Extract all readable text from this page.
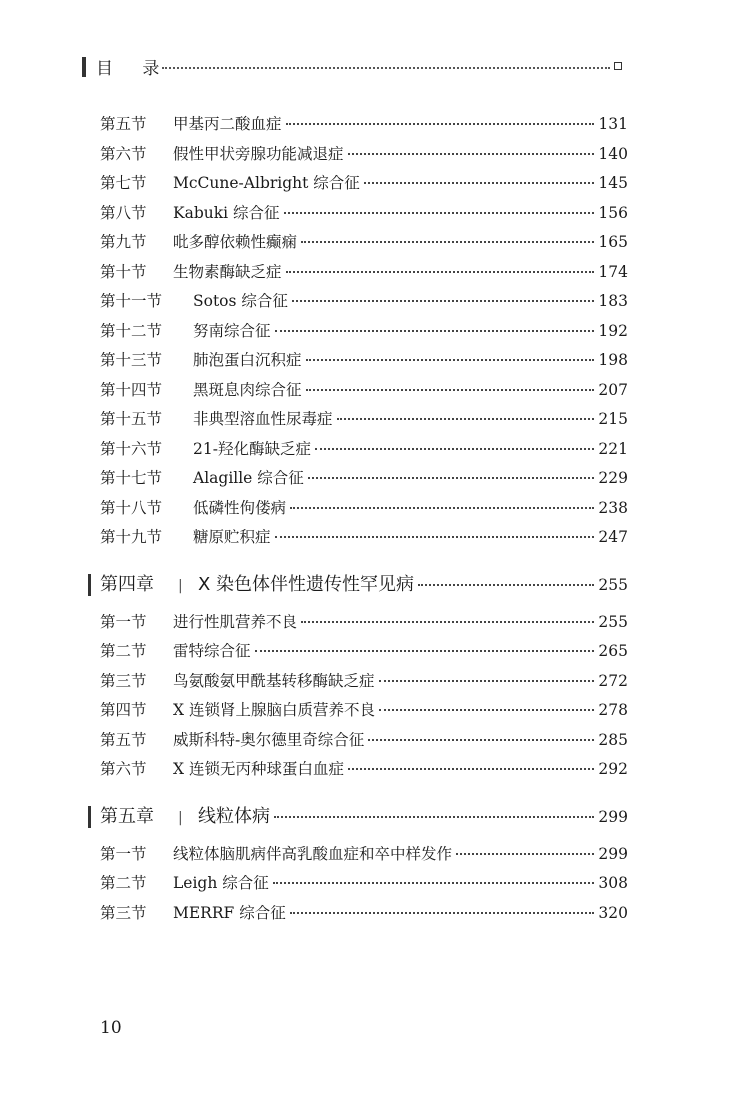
目 录
第五节	甲基丙二酸血症	131
第六节	假性甲状旁腺功能减退症	140
第七节	McCune-Albright 综合征	145
第八节	Kabuki 综合征	156
第九节	吡多醇依赖性癫痫	165
第十节	生物素酶缺乏症	174
第十一节	Sotos 综合征	183
第十二节	努南综合征	192
第十三节	肺泡蛋白沉积症	198
第十四节	黑斑息肉综合征	207
第十五节	非典型溶血性尿毒症	215
第十六节	21-羟化酶缺乏症	221
第十七节	Alagille 综合征	229
第十八节	低磷性佝偻病	238
第十九节	糖原贮积症	247
第四章	| X 染色体伴性遗传性罕见病	255
第一节	进行性肌营养不良	255
第二节	雷特综合征	265
第三节	鸟氨酸氨甲酰基转移酶缺乏症	272
第四节	X 连锁肾上腺脑白质营养不良	278
第五节	威斯科特-奥尔德里奇综合征	285
第六节	X 连锁无丙种球蛋白血症	292
第五章	| 线粒体病	299
第一节	线粒体脑肌病伴高乳酸血症和卒中样发作	299
第二节	Leigh 综合征	308
第三节	MERRF 综合征	320
10
